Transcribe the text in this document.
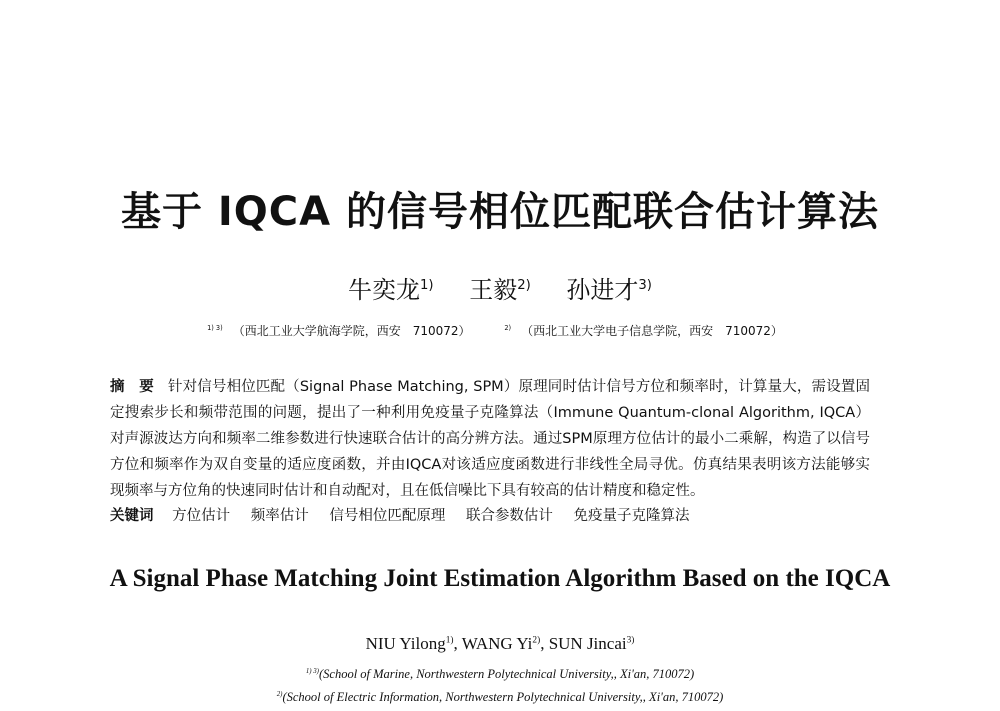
基于 IQCA 的信号相位匹配联合估计算法
牛奕龙$^{1)}$ 王毅$^{2)}$ 孙进才$^{3)}$
$^{1) 3)}$ （西北工业大学航海学院，西安　710072）	$^{2)}$ （西北工业大学电子信息学院，西安　710072）
摘　要 针对信号相位匹配（Signal Phase Matching, SPM）原理同时估计信号方位和频率时，计算量大，需设置固定搜索步长和频带范围的问题，提出了一种利用免疫量子克隆算法（Immune Quantum-clonal Algorithm, IQCA）对声源波达方向和频率二维参数进行快速联合估计的高分辨方法。通过SPM原理方位估计的最小二乘解，构造了以信号方位和频率作为双自变量的适应度函数，并由IQCA对该适应度函数进行非线性全局寻优。仿真结果表明该方法能够实现频率与方位角的快速同时估计和自动配对，且在低信噪比下具有较高的估计精度和稳定性。
关键词 方位估计 频率估计 信号相位匹配原理 联合参数估计 免疫量子克隆算法
A Signal Phase Matching Joint Estimation Algorithm Based on the IQCA
NIU Yilong$^{1)}$, WANG Yi$^{2)}$, SUN Jincai$^{3)}$
$^{1) 3)}$(School of Marine, Northwestern Polytechnical University,, Xi'an, 710072)
$^{2)}$(School of Electric Information, Northwestern Polytechnical University,, Xi'an, 710072)
